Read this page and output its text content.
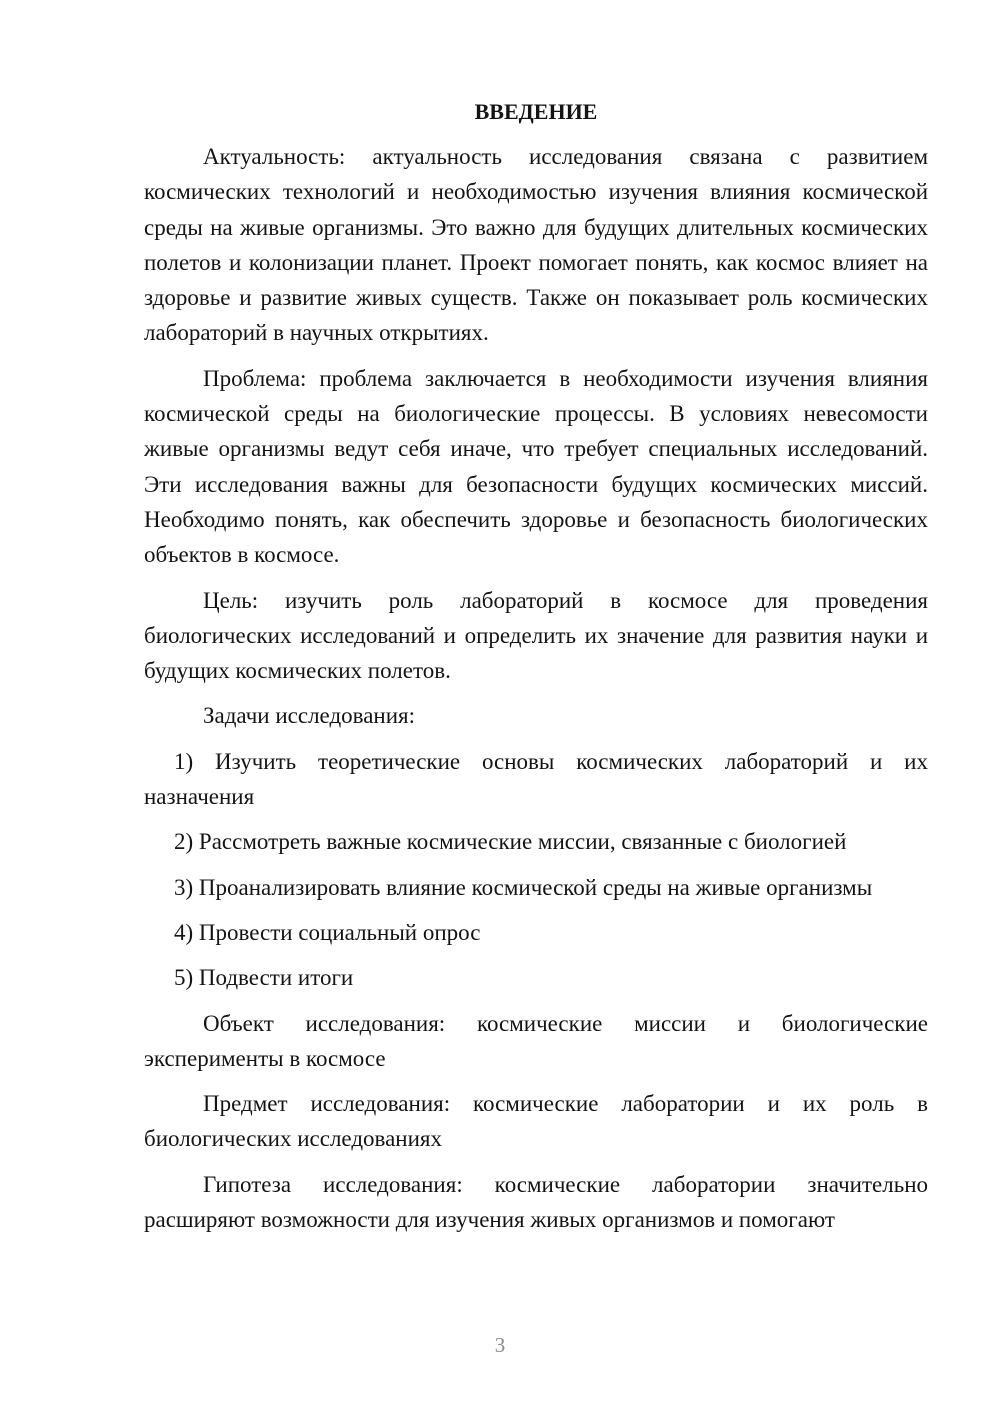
ВВЕДЕНИЕ

Актуальность: актуальность исследования связана с развитием космических технологий и необходимостью изучения влияния космической среды на живые организмы. Это важно для будущих длительных космических полетов и колонизации планет. Проект помогает понять, как космос влияет на здоровье и развитие живых существ. Также он показывает роль космических лабораторий в научных открытиях.

Проблема: проблема заключается в необходимости изучения влияния космической среды на биологические процессы. В условиях невесомости живые организмы ведут себя иначе, что требует специальных исследований. Эти исследования важны для безопасности будущих космических миссий. Необходимо понять, как обеспечить здоровье и безопасность биологических объектов в космосе.

Цель: изучить роль лабораторий в космосе для проведения биологических исследований и определить их значение для развития науки и будущих космических полетов.

Задачи исследования:

1) Изучить теоретические основы космических лабораторий и их назначения

2) Рассмотреть важные космические миссии, связанные с биологией

3) Проанализировать влияние космической среды на живые организмы

4) Провести социальный опрос

5) Подвести итоги

Объект исследования: космические миссии и биологические эксперименты в космосе

Предмет исследования: космические лаборатории и их роль в биологических исследованиях

Гипотеза исследования: космические лаборатории значительно расширяют возможности для изучения живых организмов и помогают

3
